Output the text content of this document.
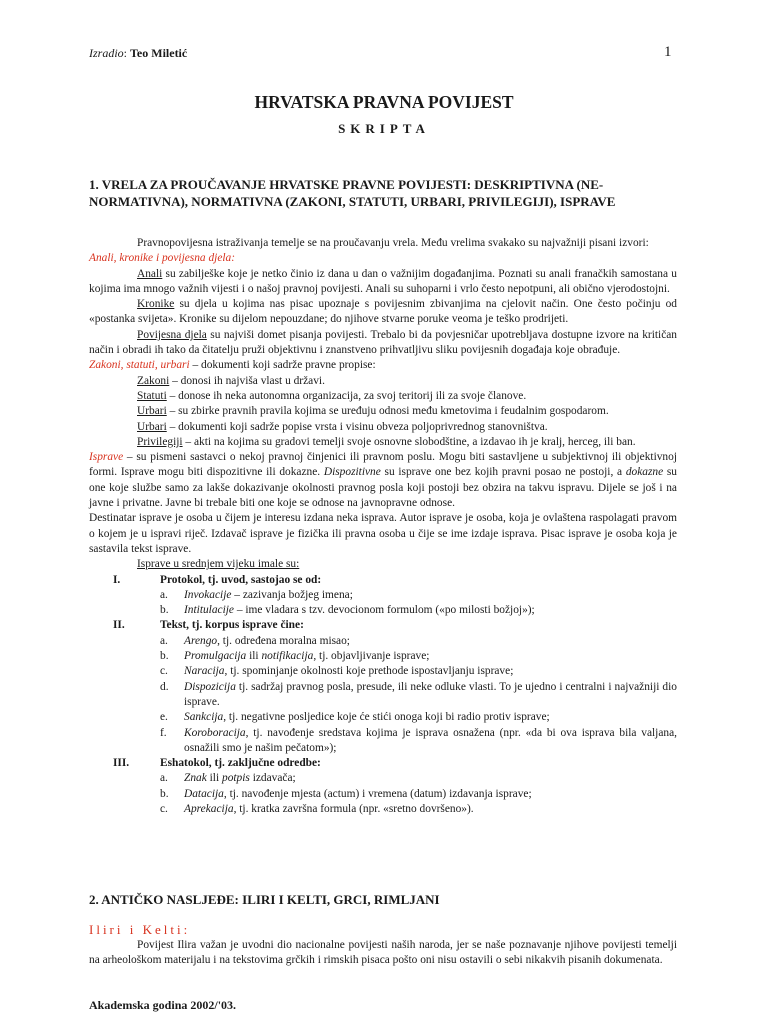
Izradio: Teo Miletić	1
HRVATSKA PRAVNA POVIJEST
SKRIPTA
1. VRELA ZA PROUČAVANJE HRVATSKE PRAVNE POVIJESTI: DESKRIPTIVNA (NE-NORMATIVNA), NORMATIVNA (ZAKONI, STATUTI, URBARI, PRIVILEGIJI), ISPRAVE

Pravnopovijesna istraživanja temelje se na proučavanju vrela. Među vrelima svakako su najvažniji pisani izvori:

Anali, kronike i povijesna djela:

Anali su zabilješke koje je netko činio iz dana u dan o važnijim događanjima. Poznati su anali franačkih samostana u kojima ima mnogo važnih vijesti i o našoj pravnoj povijesti. Anali su suhoparni i vrlo često nepotpuni, ali obično vjerodostojni.

Kronike su djela u kojima nas pisac upoznaje s povijesnim zbivanjima na cjelovit način. One često počinju od «postanka svijeta». Kronike su dijelom nepouzdane; do njihove stvarne poruke veoma je teško prodrijeti.

Povijesna djela su najviši domet pisanja povijesti. Trebalo bi da povjesničar upotrebljava dostupne izvore na kritičan način i obradi ih tako da čitatelju pruži objektivnu i znanstveno prihvatljivu sliku povijesnih događaja koje obrađuje.

Zakoni, statuti, urbari – dokumenti koji sadrže pravne propise:

Zakoni – donosi ih najviša vlast u državi.

Statuti – donose ih neka autonomna organizacija, za svoj teritorij ili za svoje članove.

Urbari – su zbirke pravnih pravila kojima se uređuju odnosi među kmetovima i feudalnim gospodarom.

Urbari – dokumenti koji sadrže popise vrsta i visinu obveza poljoprivrednog stanovništva.

Privilegiji – akti na kojima su gradovi temelji svoje osnovne slobodštine, a izdavao ih je kralj, herceg, ili ban.

Isprave – su pismeni sastavci o nekoj pravnoj činjenici ili pravnom poslu. Mogu biti sastavljene u subjektivnoj ili objektivnoj formi. Isprave mogu biti dispozitivne ili dokazne. Dispozitivne su isprave one bez kojih pravni posao ne postoji, a dokazne su one koje službe samo za lakše dokazivanje okolnosti pravnog posla koji postoji bez obzira na takvu ispravu. Dijele se još i na javne i privatne. Javne bi trebale biti one koje se odnose na javnopravne odnose.

Destinatar isprave je osoba u čijem je interesu izdana neka isprava. Autor isprave je osoba, koja je ovlaštena raspolagati pravom o kojem je u ispravi riječ. Izdavač isprave je fizička ili pravna osoba u čije se ime izdaje isprava. Pisac isprave je osoba koja je sastavila tekst isprave.

Isprave u srednjem vijeku imale su:

I.	Protokol, tj. uvod, sastojao se od:
a.	Invokacije – zazivanja božjeg imena;
b.	Intitulacije – ime vladara s tzv. devocionom formulom («po milosti božjoj»);
II.	Tekst, tj. korpus isprave čine:
a.	Arengo, tj. određena moralna misao;
b.	Promulgacija ili notifikacija, tj. objavljivanje isprave;
c.	Naracija, tj. spominjanje okolnosti koje prethode ispostavljanju isprave;
d.	Dispozicija tj. sadržaj pravnog posla, presude, ili neke odluke vlasti. To je ujedno i centralni i najvažniji dio isprave.
e.	Sankcija, tj. negativne posljedice koje će stići onoga koji bi radio protiv isprave;
f.	Koroboracija, tj. navođenje sredstava kojima je isprava osnažena (npr. «da bi ova isprava bila valjana, osnažili smo je našim pečatom»);
III.	Eshatokol, tj. zaključne odredbe:
a.	Znak ili potpis izdavača;
b.	Datacija, tj. navođenje mjesta (actum) i vremena (datum) izdavanja isprave;
c.	Aprekacija, tj. kratka završna formula (npr. «sretno dovršeno»).
2. ANTIČKO NASLJEĐE: ILIRI I KELTI, GRCI, RIMLJANI
Iliri i Kelti:

Povijest Ilira važan je uvodni dio nacionalne povijesti naših naroda, jer se naše poznavanje njihove povijesti temelji na arheološkom materijalu i na tekstovima grčkih i rimskih pisaca pošto oni nisu ostavili o sebi nikakvih pisanih dokumenata.

Akademska godina 2002/'03.
